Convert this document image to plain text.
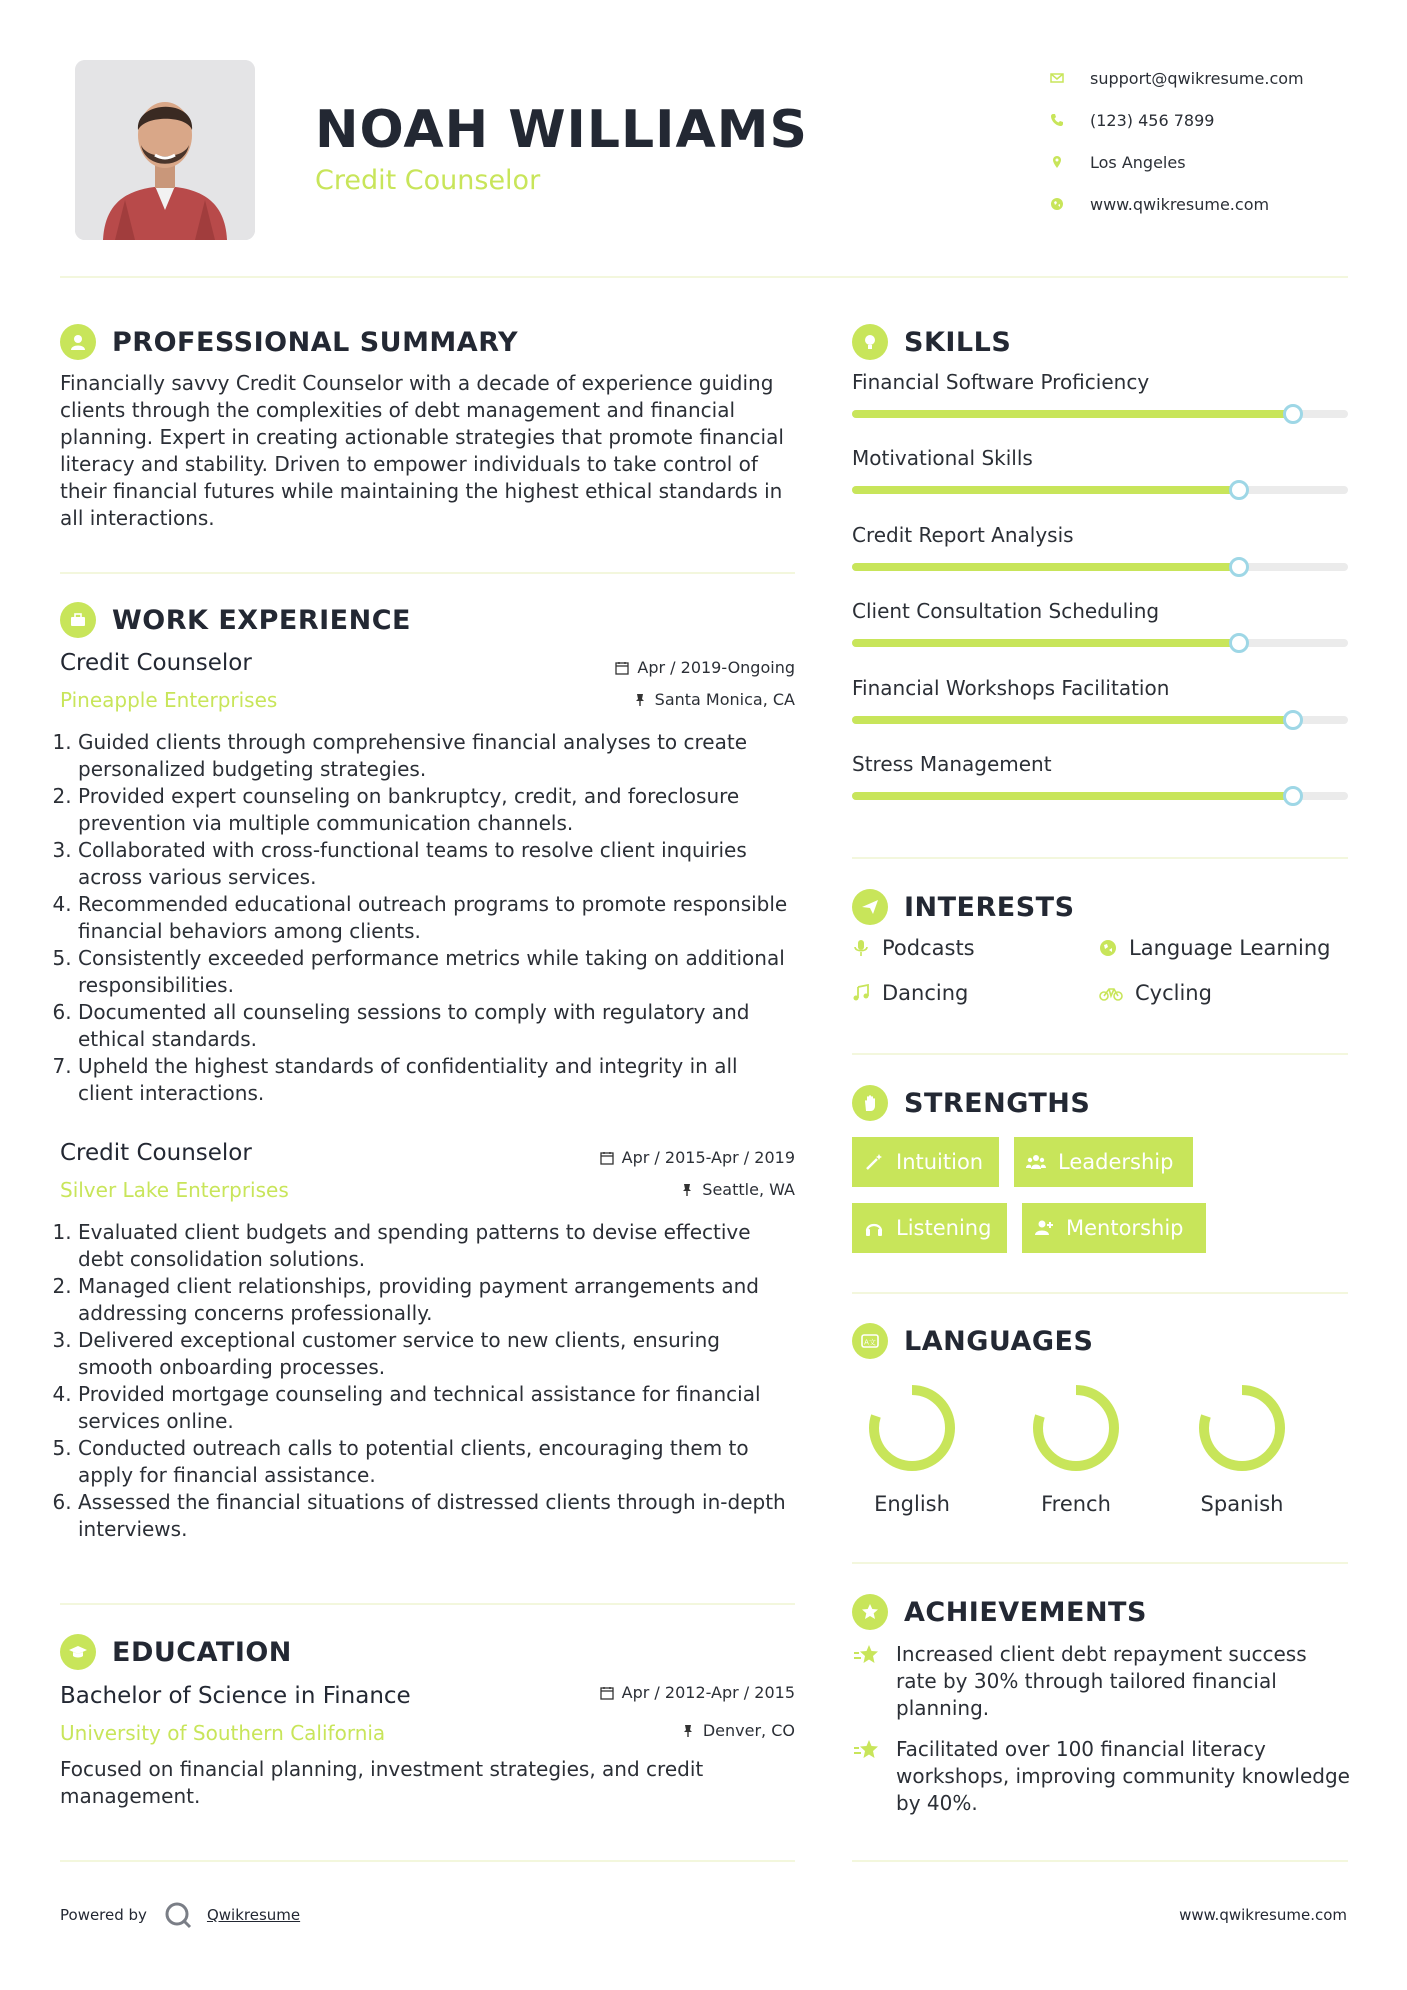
NOAH WILLIAMS
Credit Counselor
support@qwikresume.com
(123) 456 7899
Los Angeles
www.qwikresume.com
PROFESSIONAL SUMMARY
Financially savvy Credit Counselor with a decade of experience guiding clients through the complexities of debt management and financial planning. Expert in creating actionable strategies that promote financial literacy and stability. Driven to empower individuals to take control of their financial futures while maintaining the highest ethical standards in all interactions.
WORK EXPERIENCE
Credit Counselor
Pineapple Enterprises
Apr / 2019-Ongoing
Santa Monica, CA
1. Guided clients through comprehensive financial analyses to create personalized budgeting strategies.
2. Provided expert counseling on bankruptcy, credit, and foreclosure prevention via multiple communication channels.
3. Collaborated with cross-functional teams to resolve client inquiries across various services.
4. Recommended educational outreach programs to promote responsible financial behaviors among clients.
5. Consistently exceeded performance metrics while taking on additional responsibilities.
6. Documented all counseling sessions to comply with regulatory and ethical standards.
7. Upheld the highest standards of confidentiality and integrity in all client interactions.
Credit Counselor
Silver Lake Enterprises
Apr / 2015-Apr / 2019
Seattle, WA
1. Evaluated client budgets and spending patterns to devise effective debt consolidation solutions.
2. Managed client relationships, providing payment arrangements and addressing concerns professionally.
3. Delivered exceptional customer service to new clients, ensuring smooth onboarding processes.
4. Provided mortgage counseling and technical assistance for financial services online.
5. Conducted outreach calls to potential clients, encouraging them to apply for financial assistance.
6. Assessed the financial situations of distressed clients through in-depth interviews.
EDUCATION
Bachelor of Science in Finance
University of Southern California
Apr / 2012-Apr / 2015
Denver, CO
Focused on financial planning, investment strategies, and credit management.
SKILLS
Financial Software Proficiency
Motivational Skills
Credit Report Analysis
Client Consultation Scheduling
Financial Workshops Facilitation
Stress Management
INTERESTS
Podcasts	Language Learning
Dancing	Cycling
STRENGTHS
Intuition	Leadership
Listening	Mentorship
A文 LANGUAGES
English	French	Spanish
ACHIEVEMENTS
Increased client debt repayment success rate by 30% through tailored financial planning.
Facilitated over 100 financial literacy workshops, improving community knowledge by 40%.
Powered by	Qwikresume	www.qwikresume.com
